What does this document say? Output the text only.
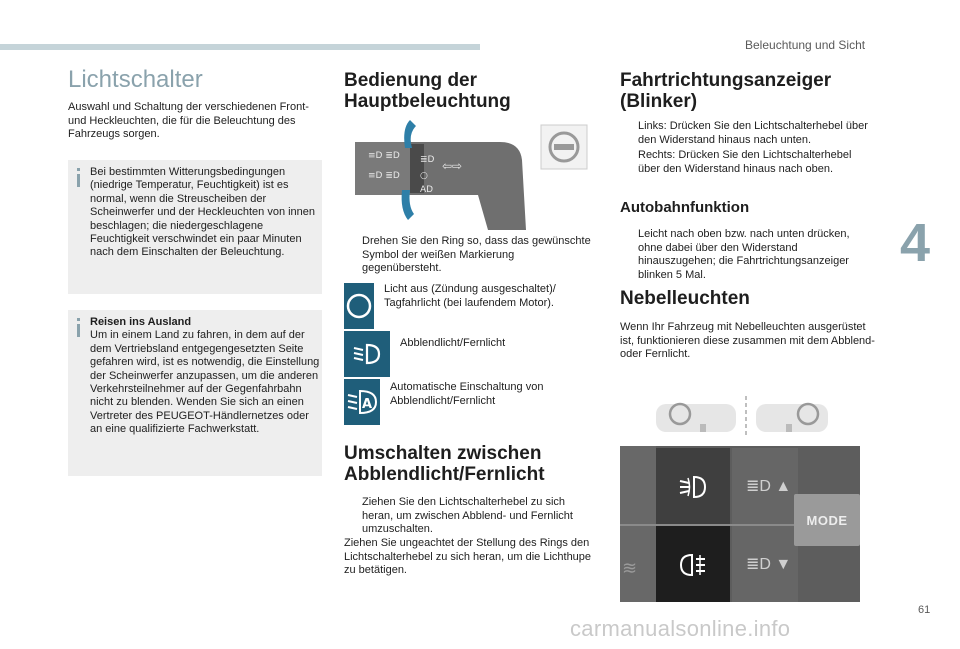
Beleuchtung und Sicht
4
61
Lichtschalter

Auswahl und Schaltung der verschiedenen Front- und Heckleuchten, die für die Beleuchtung des Fahrzeugs sorgen.

Bei bestimmten Witterungsbedingungen (niedrige Temperatur, Feuchtigkeit) ist es normal, wenn die Streuscheiben der Scheinwerfer und der Heckleuchten von innen beschlagen; die niedergeschlagene Feuchtigkeit verschwindet ein paar Minuten nach dem Einschalten der Beleuchtung.
Reisen ins Ausland
Um in einem Land zu fahren, in dem auf der dem Vertriebsland entgegengesetzten Seite gefahren wird, ist es notwendig, die Einstellung der Scheinwerfer anzupassen, um die anderen Verkehrsteilnehmer auf der Gegenfahrbahn nicht zu blenden. Wenden Sie sich an einen Vertreter des PEUGEOT-Händlernetzes oder an eine qualifizierte Fachwerkstatt.
Bedienung der Hauptbeleuchtung
≡D ≣D
≡D ≣D
≣D
○
AD
⇦⇨
Drehen Sie den Ring so, dass das gewünschte Symbol der weißen Markierung gegenübersteht.
Licht aus (Zündung ausgeschaltet)/ Tagfahrlicht (bei laufendem Motor).
Abblendlicht/Fernlicht
A
Automatische Einschaltung von Abblendlicht/Fernlicht
Umschalten zwischen Abblendlicht/Fernlicht
Ziehen Sie den Lichtschalterhebel zu sich heran, um zwischen Abblend- und Fernlicht umzuschalten.

Ziehen Sie ungeachtet der Stellung des Rings den Lichtschalterhebel zu sich heran, um die Lichthupe zu betätigen.

Fahrtrichtungsanzeiger (Blinker)
Links: Drücken Sie den Lichtschalterhebel über den Widerstand hinaus nach unten.
Rechts: Drücken Sie den Lichtschalterhebel über den Widerstand hinaus nach oben.
Autobahnfunktion
Leicht nach oben bzw. nach unten drücken, ohne dabei über den Widerstand hinauszugehen; die Fahrtrichtungsanzeiger blinken 5 Mal.
Nebelleuchten

Wenn Ihr Fahrzeug mit Nebelleuchten ausgerüstet ist, funktionieren diese zusammen mit dem Abblend- oder Fernlicht.

≋
≣D ▲
≣D ▼
MODE
carmanualsonline.info
